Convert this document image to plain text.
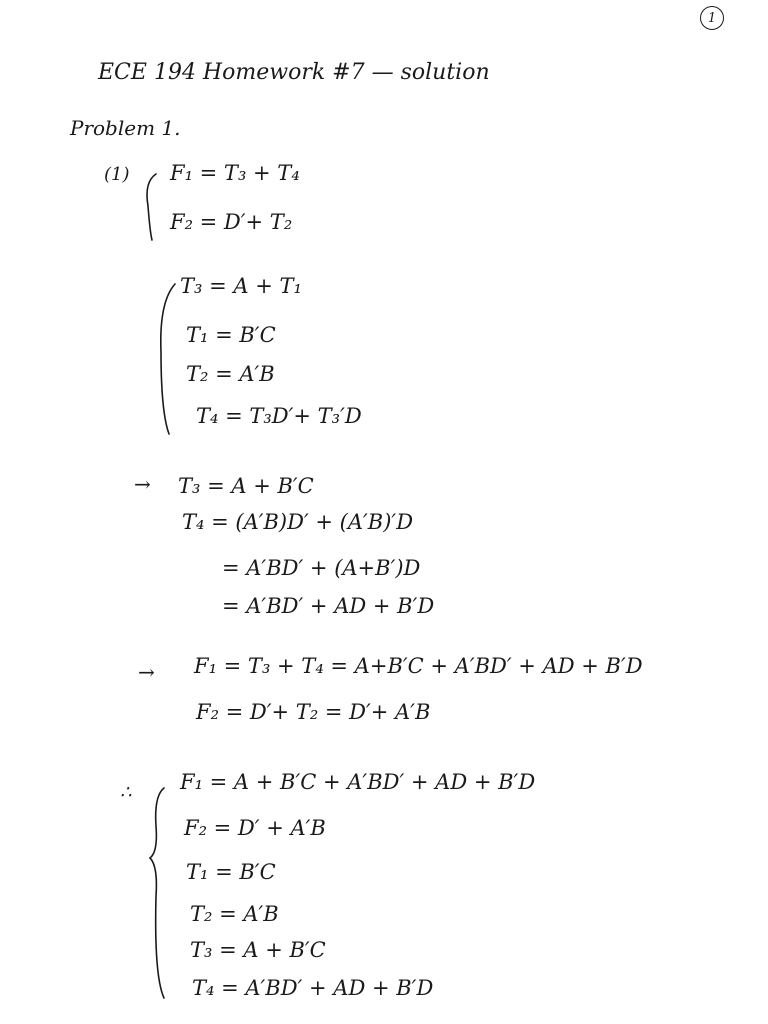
1
ECE 194 Homework #7 — solution
Problem 1.
(1) F₁ = T₃ + T₄
F₂ = D′+ T₂
T₃ = A + T₁
T₁ = B′C
T₂ = A′B
T₄ = T₃D′+ T₃′D
→ T₃ = A + B′C
T₄ = (A′B)D′ + (A′B)′D
= A′BD′ + (A+B′)D
= A′BD′ + AD + B′D
→ F₁ = T₃ + T₄ = A+B′C + A′BD′ + AD + B′D
F₂ = D′+ T₂ = D′+ A′B
∴ F₁ = A + B′C + A′BD′ + AD + B′D
F₂ = D′ + A′B
T₁ = B′C
T₂ = A′B
T₃ = A + B′C
T₄ = A′BD′ + AD + B′D
